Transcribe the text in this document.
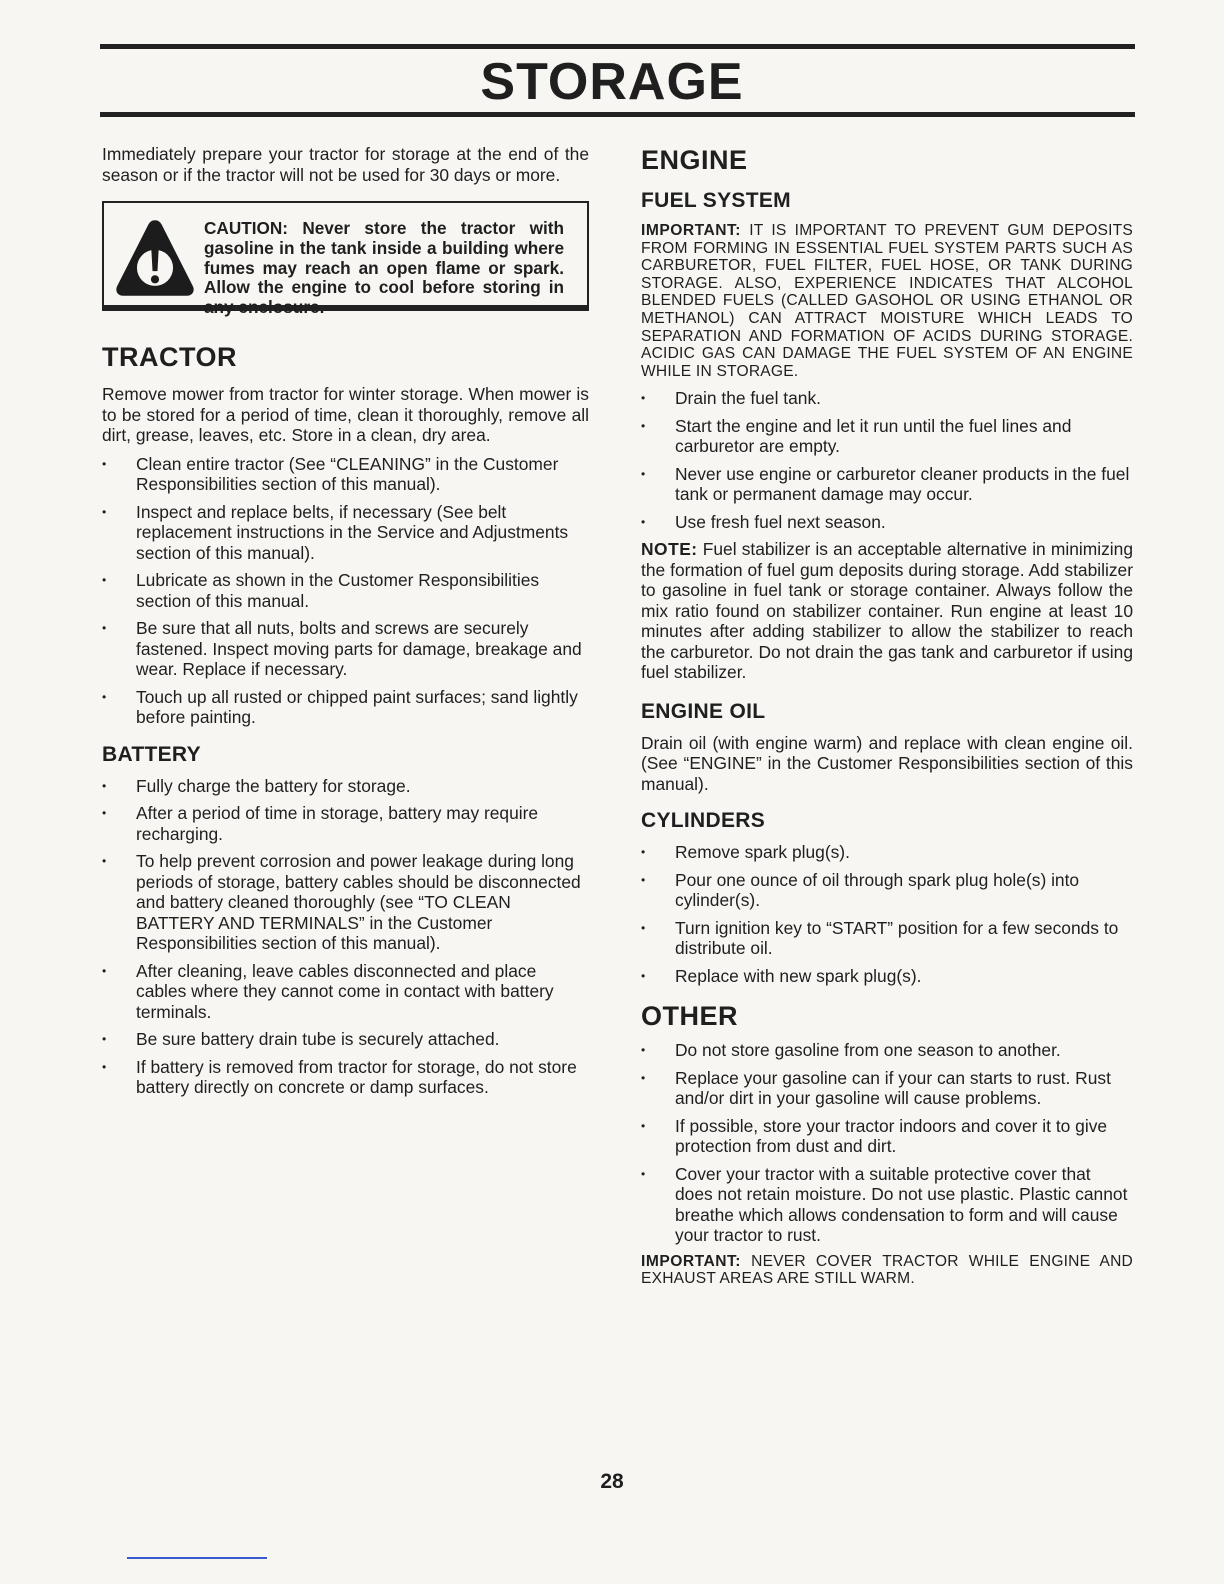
STORAGE

Immediately prepare your tractor for storage at the end of the season or if the tractor will not be used for 30 days or more.

CAUTION: Never store the tractor with gasoline in the tank inside a building where fumes may reach an open flame or spark. Allow the engine to cool before storing in any enclosure.

TRACTOR

Remove mower from tractor for winter storage. When mower is to be stored for a period of time, clean it thoroughly, remove all dirt, grease, leaves, etc. Store in a clean, dry area.

• Clean entire tractor (See “CLEANING” in the Customer Responsibilities section of this manual).
• Inspect and replace belts, if necessary (See belt replacement instructions in the Service and Adjustments section of this manual).
• Lubricate as shown in the Customer Responsibilities section of this manual.
• Be sure that all nuts, bolts and screws are securely fastened. Inspect moving parts for damage, breakage and wear. Replace if necessary.
• Touch up all rusted or chipped paint surfaces; sand lightly before painting.
BATTERY
• Fully charge the battery for storage.
• After a period of time in storage, battery may require recharging.
• To help prevent corrosion and power leakage during long periods of storage, battery cables should be disconnected and battery cleaned thoroughly (see “TO CLEAN BATTERY AND TERMINALS” in the Customer Responsibilities section of this manual).
• After cleaning, leave cables disconnected and place cables where they cannot come in contact with battery terminals.
• Be sure battery drain tube is securely attached.
• If battery is removed from tractor for storage, do not store battery directly on concrete or damp surfaces.
ENGINE
FUEL SYSTEM

IMPORTANT: IT IS IMPORTANT TO PREVENT GUM DEPOSITS FROM FORMING IN ESSENTIAL FUEL SYSTEM PARTS SUCH AS CARBURETOR, FUEL FILTER, FUEL HOSE, OR TANK DURING STORAGE. ALSO, EXPERIENCE INDICATES THAT ALCOHOL BLENDED FUELS (CALLED GASOHOL OR USING ETHANOL OR METHANOL) CAN ATTRACT MOISTURE WHICH LEADS TO SEPARATION AND FORMATION OF ACIDS DURING STORAGE. ACIDIC GAS CAN DAMAGE THE FUEL SYSTEM OF AN ENGINE WHILE IN STORAGE.

• Drain the fuel tank.
• Start the engine and let it run until the fuel lines and carburetor are empty.
• Never use engine or carburetor cleaner products in the fuel tank or permanent damage may occur.
• Use fresh fuel next season.

NOTE: Fuel stabilizer is an acceptable alternative in minimizing the formation of fuel gum deposits during storage. Add stabilizer to gasoline in fuel tank or storage container. Always follow the mix ratio found on stabilizer container. Run engine at least 10 minutes after adding stabilizer to allow the stabilizer to reach the carburetor. Do not drain the gas tank and carburetor if using fuel stabilizer.

ENGINE OIL

Drain oil (with engine warm) and replace with clean engine oil. (See “ENGINE” in the Customer Responsibilities section of this manual).

CYLINDERS
• Remove spark plug(s).
• Pour one ounce of oil through spark plug hole(s) into cylinder(s).
• Turn ignition key to “START” position for a few seconds to distribute oil.
• Replace with new spark plug(s).
OTHER
• Do not store gasoline from one season to another.
• Replace your gasoline can if your can starts to rust. Rust and/or dirt in your gasoline will cause problems.
• If possible, store your tractor indoors and cover it to give protection from dust and dirt.
• Cover your tractor with a suitable protective cover that does not retain moisture. Do not use plastic. Plastic cannot breathe which allows condensation to form and will cause your tractor to rust.

IMPORTANT: NEVER COVER TRACTOR WHILE ENGINE AND EXHAUST AREAS ARE STILL WARM.

28
